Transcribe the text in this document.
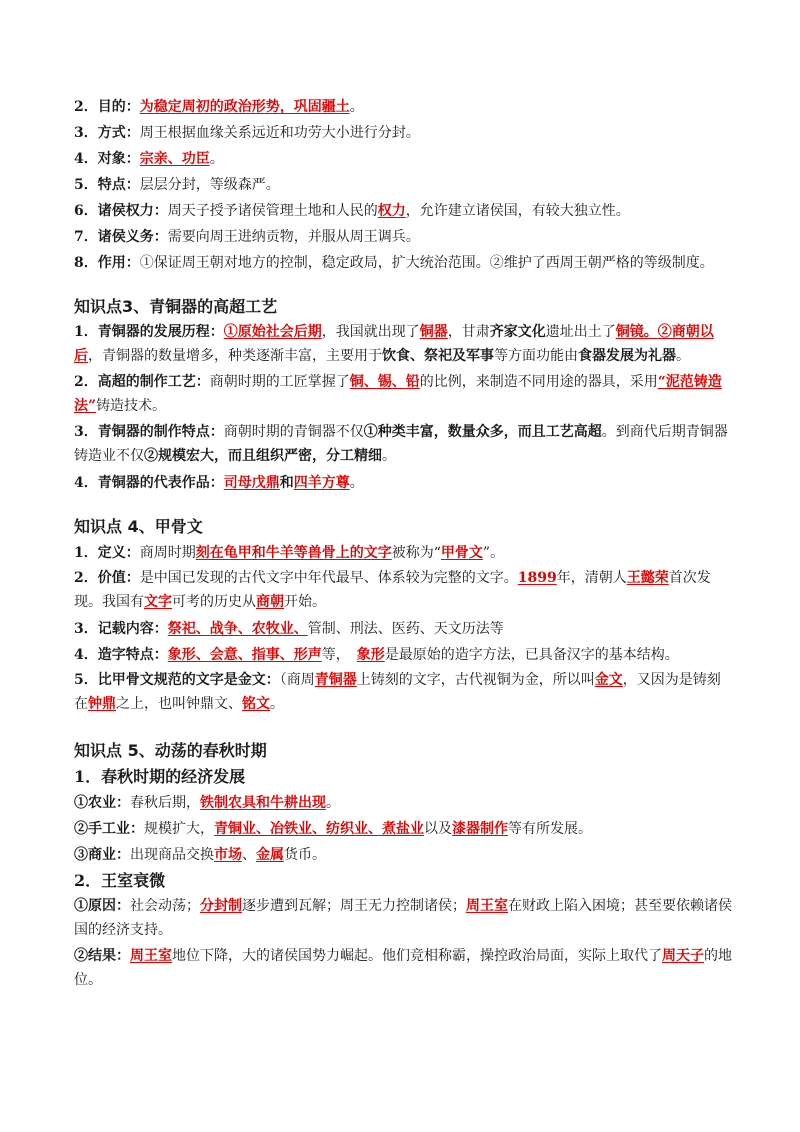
2．目的：为稳定周初的政治形势，巩固疆土。

3．方式：周王根据血缘关系远近和功劳大小进行分封。

4．对象：宗亲、功臣。

5．特点：层层分封，等级森严。

6．诸侯权力：周天子授予诸侯管理土地和人民的权力，允许建立诸侯国，有较大独立性。

7．诸侯义务：需要向周王进纳贡物，并服从周王调兵。

8．作用：①保证周王朝对地方的控制，稳定政局，扩大统治范围。②维护了西周王朝严格的等级制度。

知识点3、青铜器的高超工艺

1．青铜器的发展历程：①原始社会后期，我国就出现了铜器，甘肃齐家文化遗址出土了铜镜。②商朝以后，青铜器的数量增多，种类逐渐丰富，主要用于饮食、祭祀及军事等方面功能由食器发展为礼器。

2．高超的制作工艺：商朝时期的工匠掌握了铜、锡、铅的比例，来制造不同用途的器具，采用“泥范铸造法”铸造技术。

3．青铜器的制作特点：商朝时期的青铜器不仅①种类丰富，数量众多，而且工艺高超。到商代后期青铜器铸造业不仅②规模宏大，而且组织严密，分工精细。

4．青铜器的代表作品：司母戊鼎和四羊方尊。

知识点 4、甲骨文

1．定义：商周时期刻在龟甲和牛羊等兽骨上的文字被称为“甲骨文”。

2．价值：是中国已发现的古代文字中年代最早、体系较为完整的文字。1899年，清朝人王懿荣首次发现。我国有文字可考的历史从商朝开始。

3．记载内容：祭祀、战争、农牧业、管制、刑法、医药、天文历法等

4．造字特点：象形、会意、指事、形声等，　象形是最原始的造字方法，已具备汉字的基本结构。

5．比甲骨文规范的文字是金文：（商周青铜器上铸刻的文字，古代视铜为金，所以叫金文，又因为是铸刻在钟鼎之上，也叫钟鼎文、铭文。

知识点 5、动荡的春秋时期

1．春秋时期的经济发展

①农业：春秋后期，铁制农具和牛耕出现。

②手工业：规模扩大，青铜业、冶铁业、纺织业、煮盐业以及漆器制作等有所发展。

③商业：出现商品交换市场、金属货币。

2．王室衰微

①原因：社会动荡；分封制逐步遭到瓦解；周王无力控制诸侯；周王室在财政上陷入困境；甚至要依赖诸侯国的经济支持。

②结果：周王室地位下降，大的诸侯国势力崛起。他们竞相称霸，操控政治局面，实际上取代了周天子的地位。
